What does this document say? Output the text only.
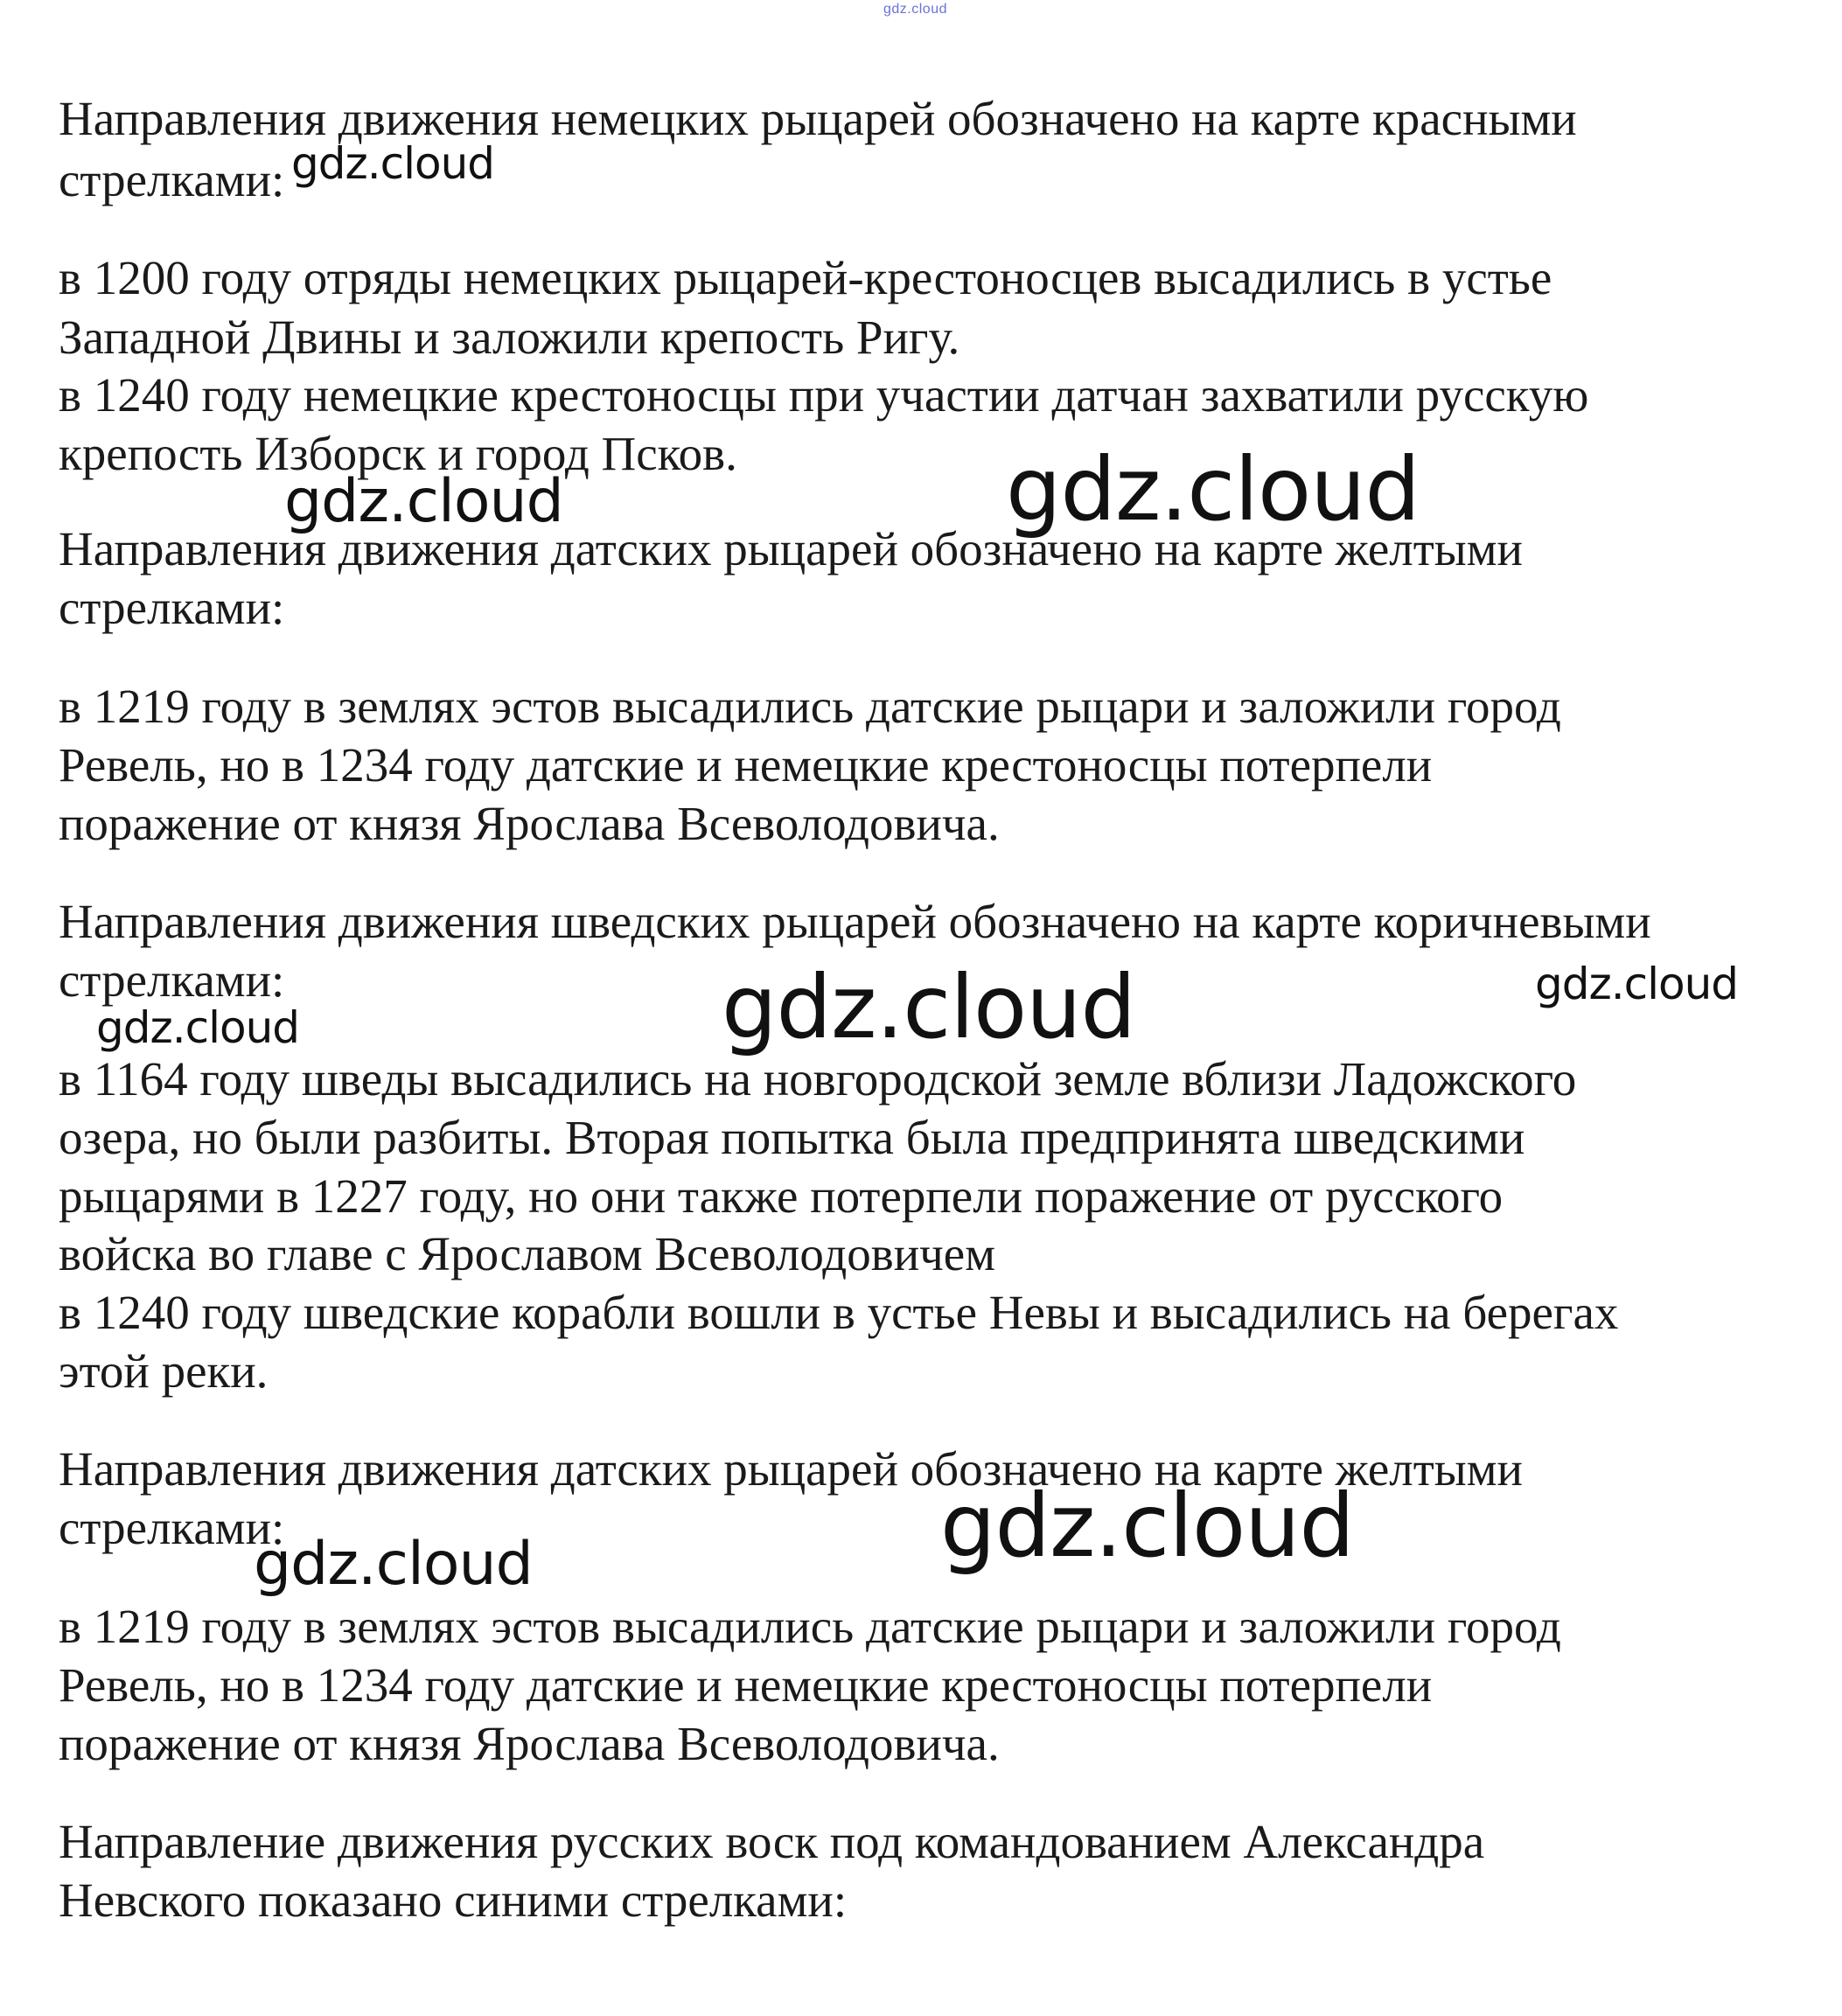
gdz.cloud
Направления движения немецких рыцарей обозначено на карте красными
стрелками:
в 1200 году отряды немецких рыцарей-крестоносцев высадились в устье
Западной Двины и заложили крепость Ригу.
в 1240 году немецкие крестоносцы при участии датчан захватили русскую
крепость Изборск и город Псков.
Направления движения датских рыцарей обозначено на карте желтыми
стрелками:
в 1219 году в землях эстов высадились датские рыцари и заложили город
Ревель, но в 1234 году датские и немецкие крестоносцы потерпели
поражение от князя Ярослава Всеволодовича.
Направления движения шведских рыцарей обозначено на карте коричневыми
стрелками:
в 1164 году шведы высадились на новгородской земле вблизи Ладожского
озера, но были разбиты. Вторая попытка была предпринята шведскими
рыцарями в 1227 году, но они также потерпели поражение от русского
войска во главе с Ярославом Всеволодовичем
в 1240 году шведские корабли вошли в устье Невы и высадились на берегах
этой реки.
Направления движения датских рыцарей обозначено на карте желтыми
стрелками:
в 1219 году в землях эстов высадились датские рыцари и заложили город
Ревель, но в 1234 году датские и немецкие крестоносцы потерпели
поражение от князя Ярослава Всеволодовича.
Направление движения русских воск под командованием Александра
Невского показано синими стрелками:
gdz.cloud
gdz.cloud	gdz.cloud
gdz.cloud	gdz.cloud
gdz.cloud
gdz.cloud
gdz.cloud
